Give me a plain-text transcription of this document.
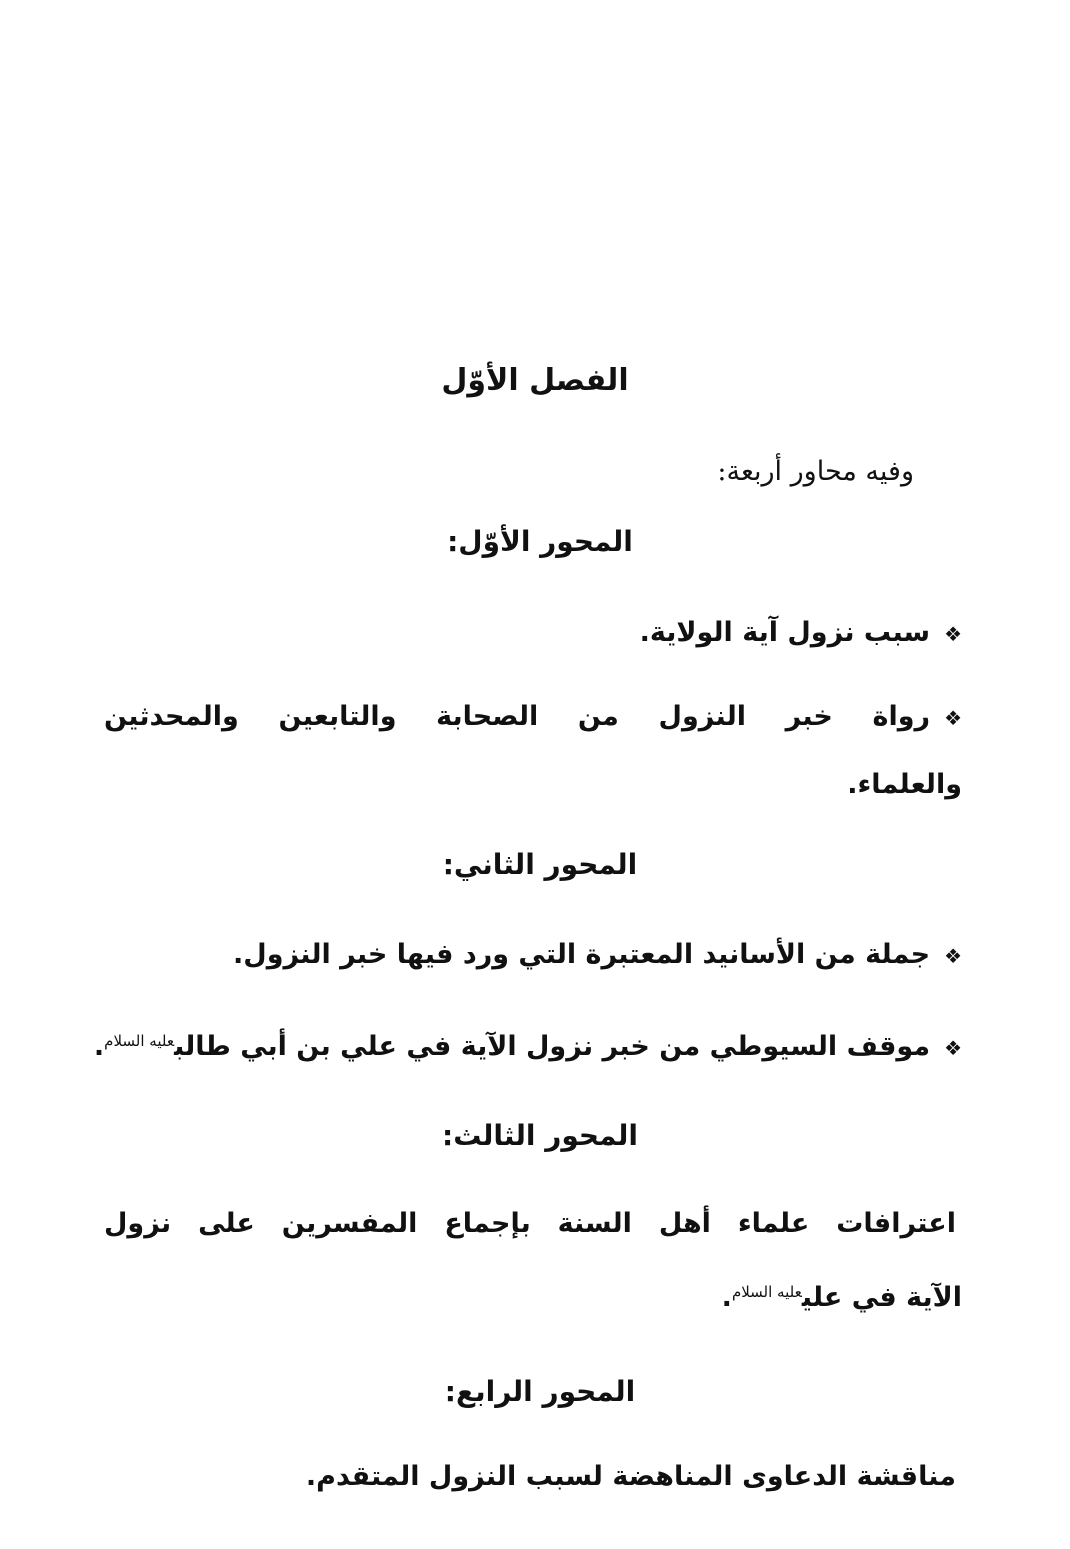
الفصل الأوّل
وفيه محاور أربعة:
المحور الأوّل:
❖سبب نزول آية الولاية.
❖رواة خبر النزول من الصحابة والتابعين والمحدثين
والعلماء.
المحور الثاني:
❖جملة من الأسانيد المعتبرة التي ورد فيها خبر النزول.
❖موقف السيوطي من خبر نزول الآية في علي بن أبي طالب$^{عليه السلام}$.
المحور الثالث:
اعترافات علماء أهل السنة بإجماع المفسرين على نزول
الآية في علي$^{عليه السلام}$.
المحور الرابع:
مناقشة الدعاوى المناهضة لسبب النزول المتقدم.
